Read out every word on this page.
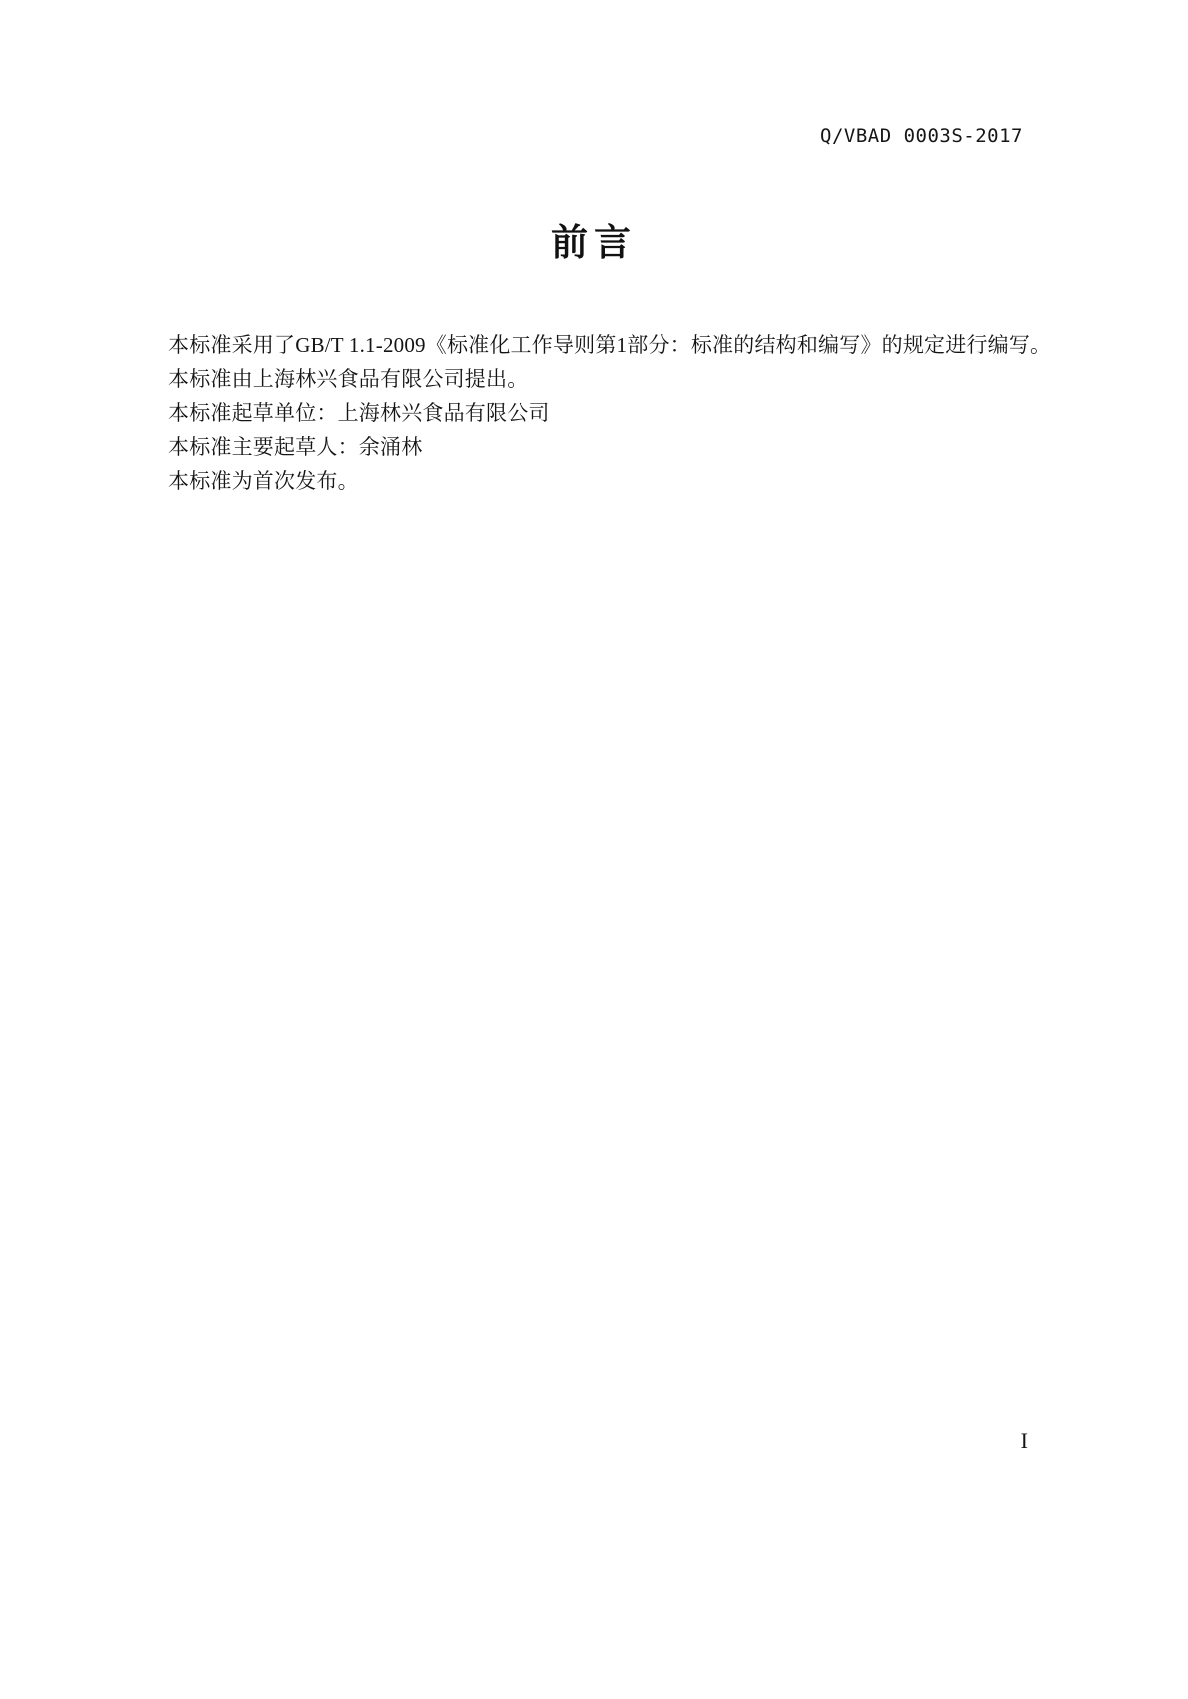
Q/VBAD 0003S-2017
前言
本标准采用了GB/T 1.1-2009《标准化工作导则第1部分：标准的结构和编写》的规定进行编写。
本标准由上海林兴食品有限公司提出。
本标准起草单位：上海林兴食品有限公司
本标准主要起草人：余涌林
本标准为首次发布。
I
